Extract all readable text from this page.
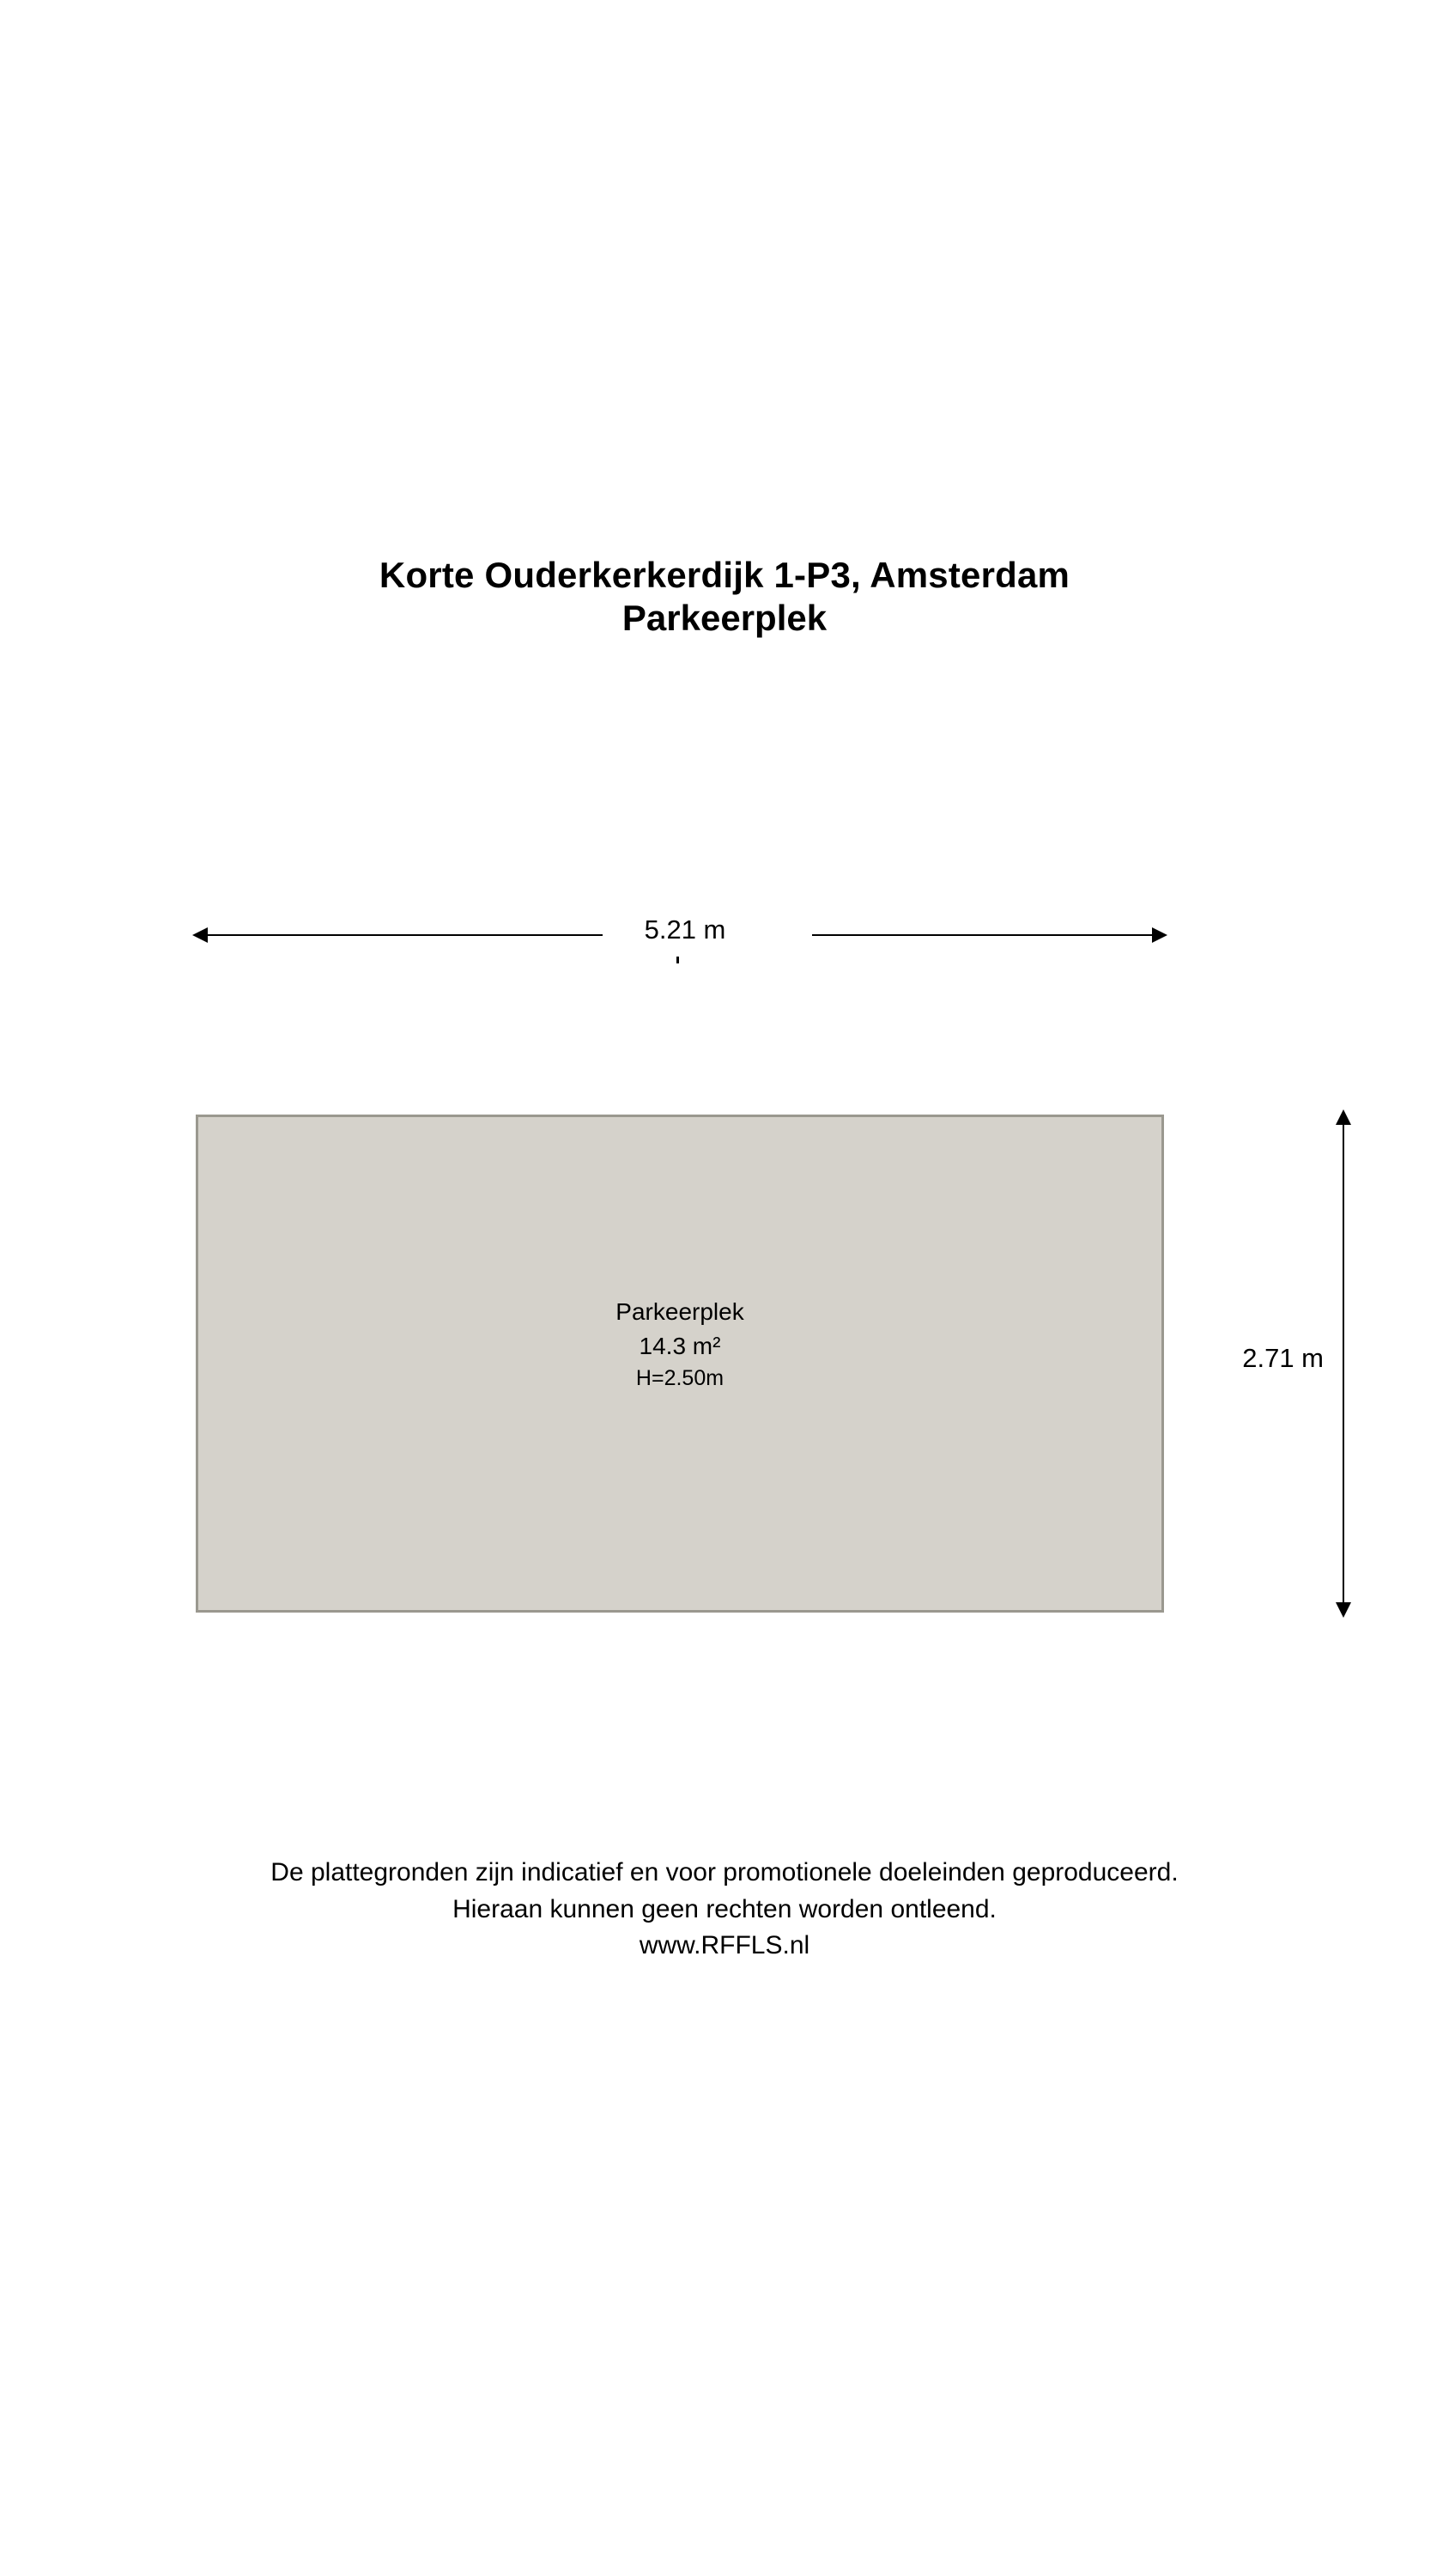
Korte Ouderkerkerdijk 1-P3, Amsterdam
Parkeerplek
5.21 m
Parkeerplek
14.3 m²
H=2.50m
2.71 m
De plattegronden zijn indicatief en voor promotionele doeleinden geproduceerd.
Hieraan kunnen geen rechten worden ontleend.
www.RFFLS.nl
